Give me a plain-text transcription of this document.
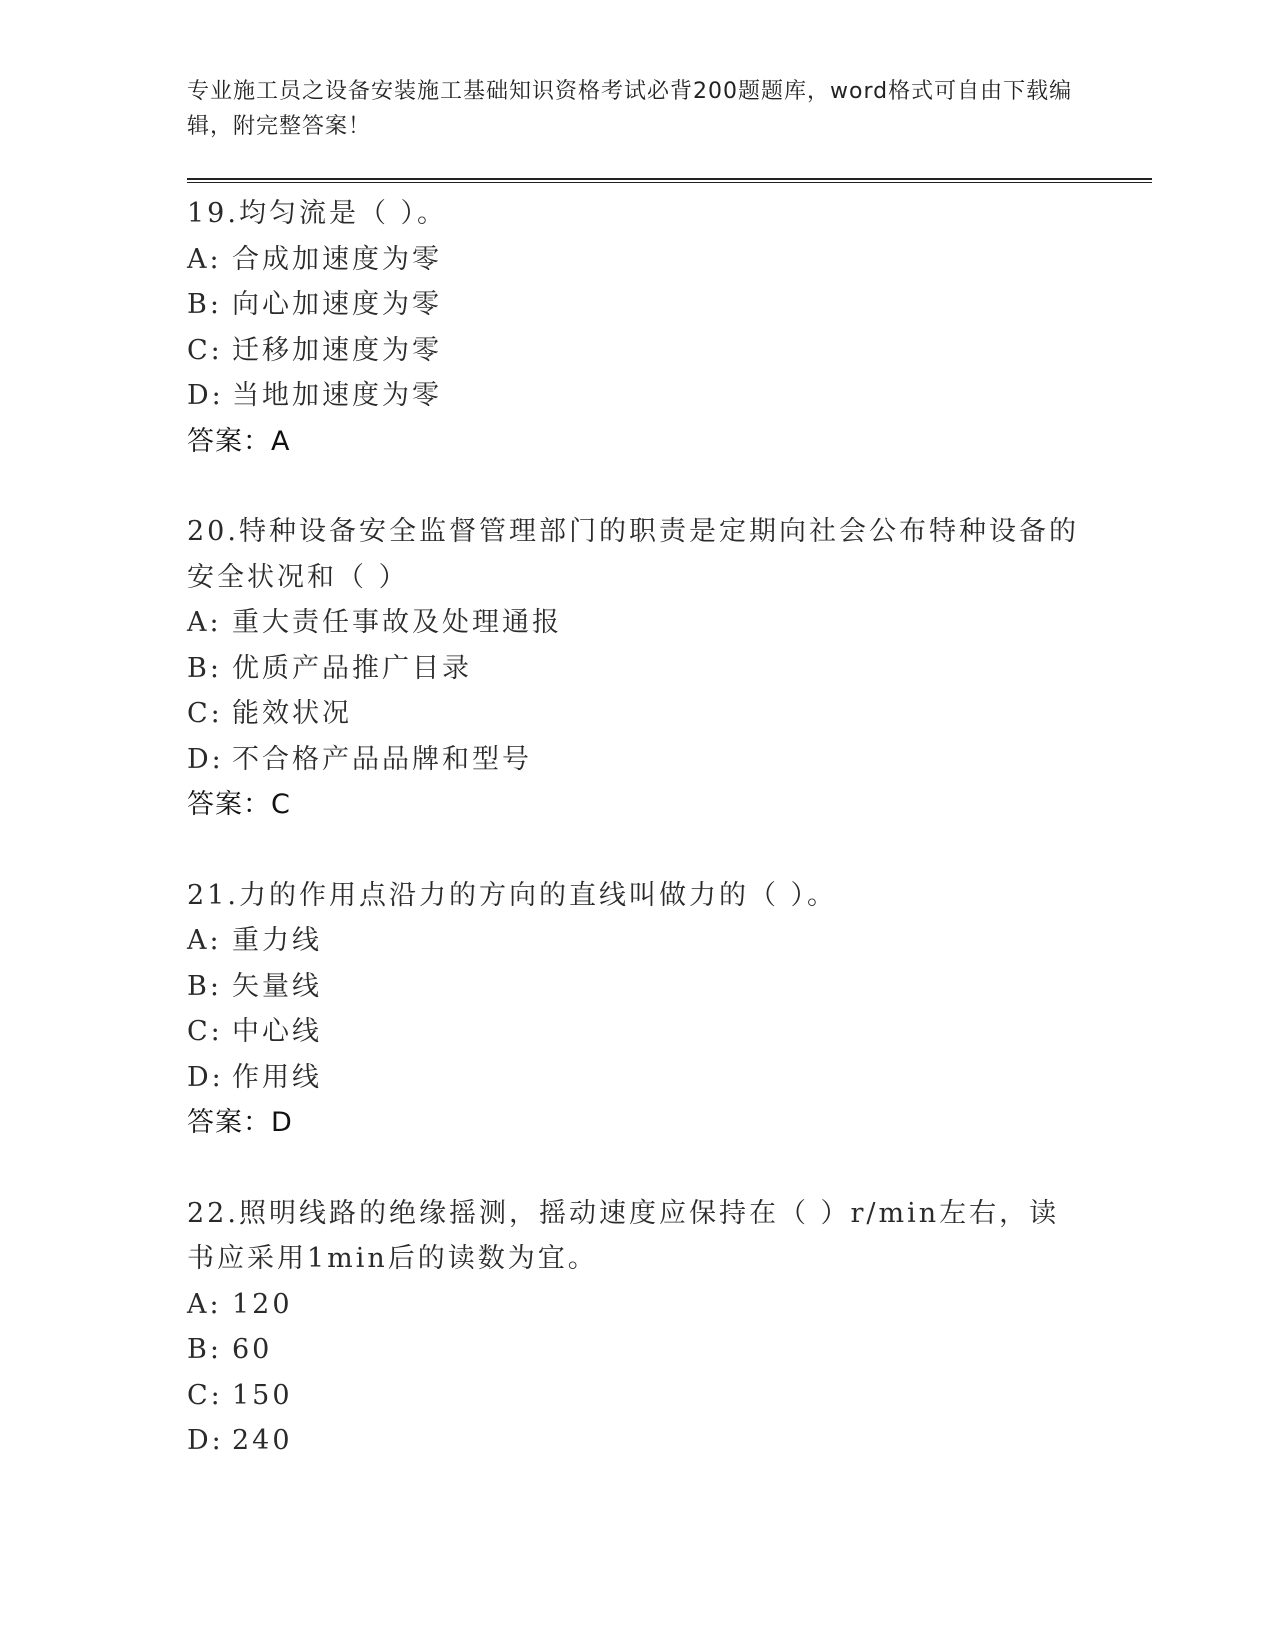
专业施工员之设备安装施工基础知识资格考试必背200题题库，word格式可自由下载编辑，附完整答案！
19.均匀流是（ ）。
A: 合成加速度为零
B: 向心加速度为零
C: 迁移加速度为零
D: 当地加速度为零
答案：A
20.特种设备安全监督管理部门的职责是定期向社会公布特种设备的安全状况和（ ）
A: 重大责任事故及处理通报
B: 优质产品推广目录
C: 能效状况
D: 不合格产品品牌和型号
答案：C
21.力的作用点沿力的方向的直线叫做力的（ ）。
A: 重力线
B: 矢量线
C: 中心线
D: 作用线
答案：D
22.照明线路的绝缘摇测，摇动速度应保持在（ ）r/min左右，读书应采用1min后的读数为宜。
A: 120
B: 60
C: 150
D: 240
